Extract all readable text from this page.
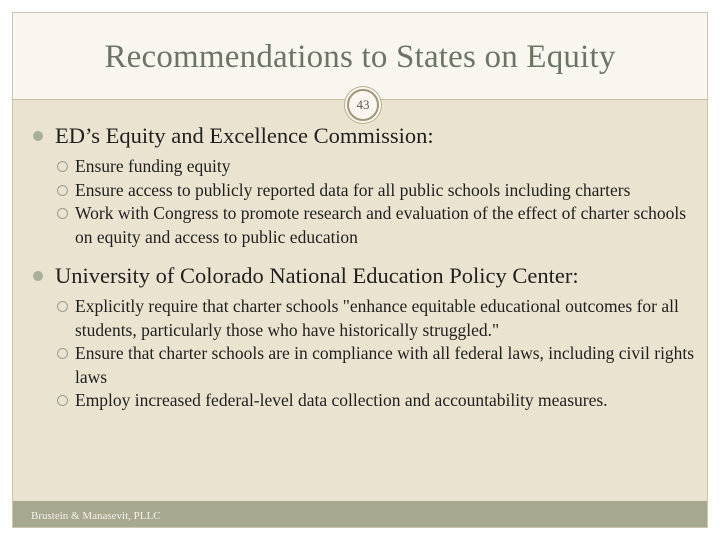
Recommendations to States on Equity
43
ED’s Equity and Excellence Commission:
Ensure funding equity
Ensure access to publicly reported data for all public schools including charters
Work with Congress to promote research and evaluation of the effect of charter schools on equity and access to public education
University of Colorado National Education Policy Center:
Explicitly require that charter schools "enhance equitable educational outcomes for all students, particularly those who have historically struggled."
Ensure that charter schools are in compliance with all federal laws, including civil rights laws
Employ increased federal-level data collection and accountability measures.
Brustein & Manasevit, PLLC
